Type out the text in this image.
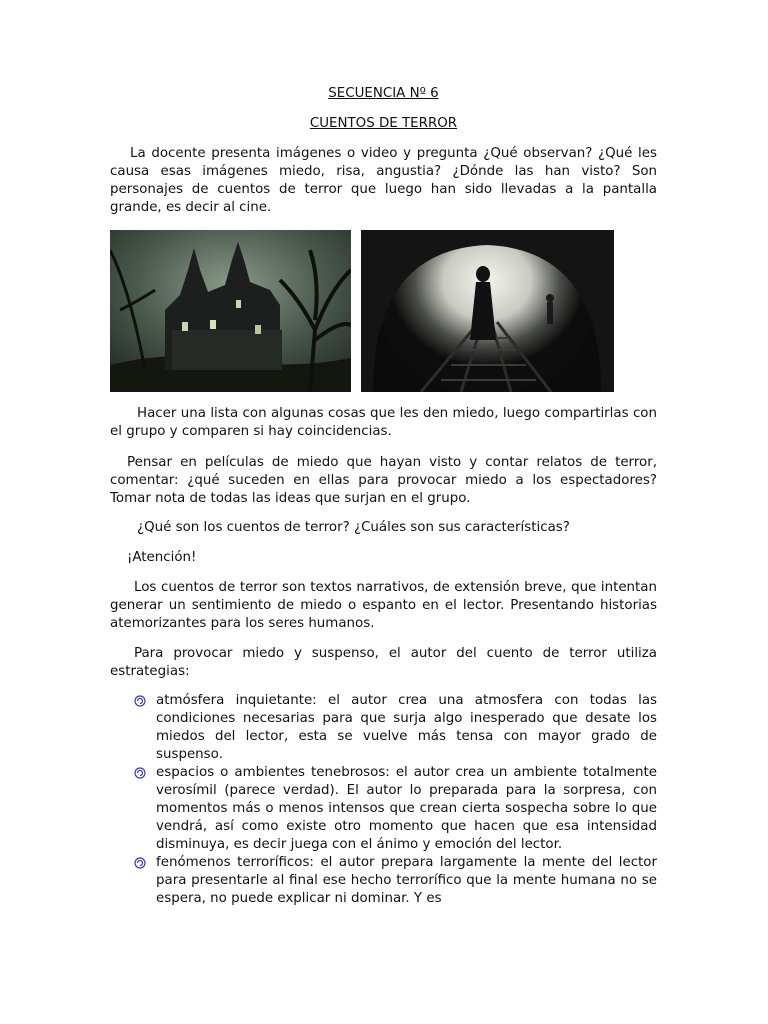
SECUENCIA Nº 6
CUENTOS DE TERROR

La docente presenta imágenes o video y pregunta ¿Qué observan? ¿Qué les causa esas imágenes miedo, risa, angustia? ¿Dónde las han visto? Son personajes de cuentos de terror que luego han sido llevadas a la pantalla grande, es decir al cine.

Hacer una lista con algunas cosas que les den miedo, luego compartirlas con el grupo y comparen si hay coincidencias.

Pensar en películas de miedo que hayan visto y contar relatos de terror, comentar: ¿qué suceden en ellas para provocar miedo a los espectadores? Tomar nota de todas las ideas que surjan en el grupo.

¿Qué son los cuentos de terror? ¿Cuáles son sus características?

¡Atención!

Los cuentos de terror son textos narrativos, de extensión breve, que intentan generar un sentimiento de miedo o espanto en el lector. Presentando historias atemorizantes para los seres humanos.

Para provocar miedo y suspenso, el autor del cuento de terror utiliza estrategias:

atmósfera inquietante: el autor crea una atmosfera con todas las condiciones necesarias para que surja algo inesperado que desate los miedos del lector, esta se vuelve más tensa con mayor grado de suspenso.
espacios o ambientes tenebrosos: el autor crea un ambiente totalmente verosímil (parece verdad). El autor lo preparada para la sorpresa, con momentos más o menos intensos que crean cierta sospecha sobre lo que vendrá, así como existe otro momento que hacen que esa intensidad disminuya, es decir juega con el ánimo y emoción del lector.
fenómenos terroríficos: el autor prepara largamente la mente del lector para presentarle al final ese hecho terrorífico que la mente humana no se espera, no puede explicar ni dominar. Y es
